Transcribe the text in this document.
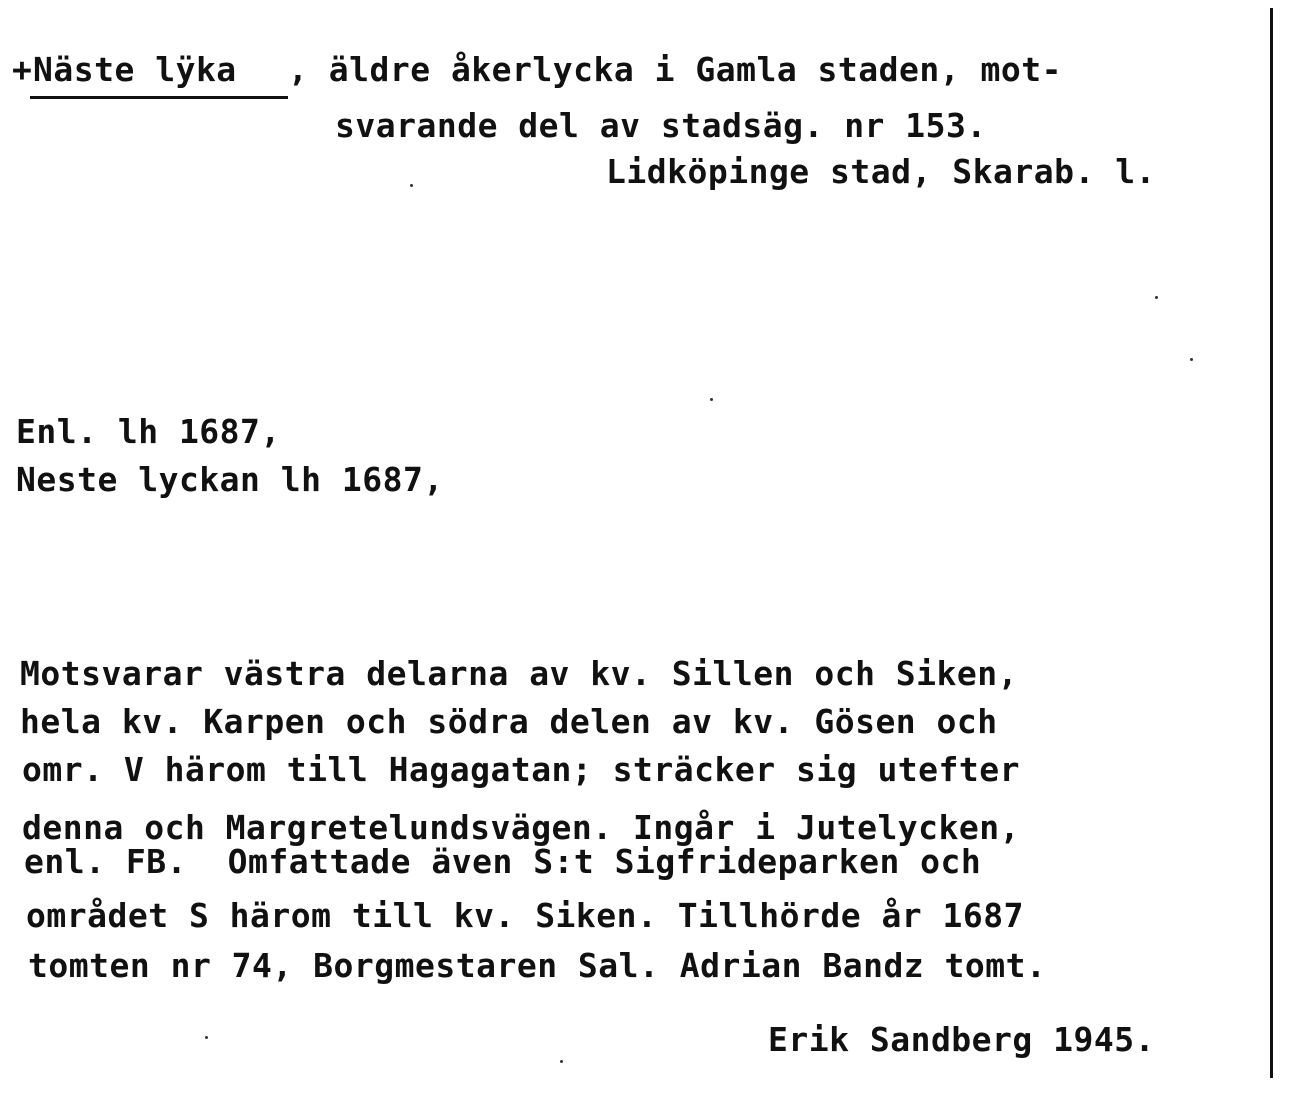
+ Näste lÿka , äldre åkerlycka i Gamla staden, mot-
svarande del av stadsäg. nr 153.
Lidköpinge stad, Skarab. l.
Enl. lh 1687,
Neste lyckan lh 1687,
Motsvarar västra delarna av kv. Sillen och Siken,
hela kv. Karpen och södra delen av kv. Gösen och
omr. V härom till Hagagatan; sträcker sig utefter
denna och Margretelundsvägen. Ingår i Jutelycken,
enl. FB.  Omfattade även S:t Sigfrideparken och
området S härom till kv. Siken. Tillhörde år 1687
tomten nr 74, Borgmestaren Sal. Adrian Bandz tomt.
Erik Sandberg 1945.
